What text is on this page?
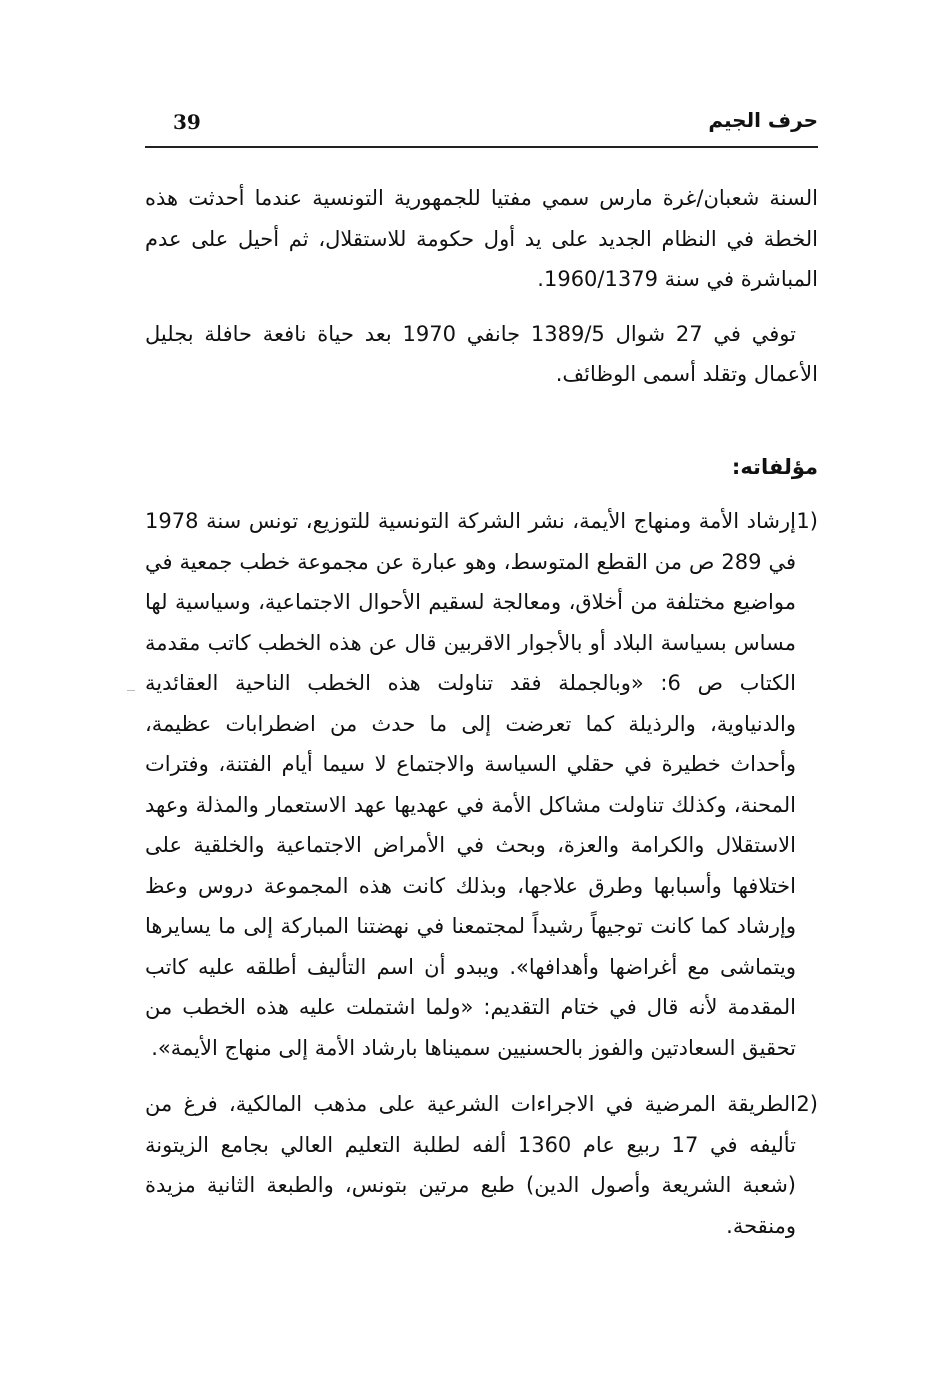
39	حرف الجيم

السنة شعبان/غرة مارس سمي مفتيا للجمهورية التونسية عندما أحدثت هذه الخطة في النظام الجديد على يد أول حكومة للاستقلال، ثم أحيل على عدم المباشرة في سنة 1960/1379.

توفي في 27 شوال 1389/5 جانفي 1970 بعد حياة نافعة حافلة بجليل الأعمال وتقلد أسمى الوظائف.

مؤلفاته:

(1
إرشاد الأمة ومنهاج الأيمة، نشر الشركة التونسية للتوزيع، تونس سنة 1978 في 289 ص من القطع المتوسط، وهو عبارة عن مجموعة خطب جمعية في مواضيع مختلفة من أخلاق، ومعالجة لسقيم الأحوال الاجتماعية، وسياسية لها مساس بسياسة البلاد أو بالأجوار الاقربين قال عن هذه الخطب كاتب مقدمة الكتاب ص 6: «وبالجملة فقد تناولت هذه الخطب الناحية العقائدية والدنياوية، والرذيلة كما تعرضت إلى ما حدث من اضطرابات عظيمة، وأحداث خطيرة في حقلي السياسة والاجتماع لا سيما أيام الفتنة، وفترات المحنة، وكذلك تناولت مشاكل الأمة في عهديها عهد الاستعمار والمذلة وعهد الاستقلال والكرامة والعزة، وبحث في الأمراض الاجتماعية والخلقية على اختلافها وأسبابها وطرق علاجها، وبذلك كانت هذه المجموعة دروس وعظ وإرشاد كما كانت توجيهاً رشيداً لمجتمعنا في نهضتنا المباركة إلى ما يسايرها ويتماشى مع أغراضها وأهدافها». ويبدو أن اسم التأليف أطلقه عليه كاتب المقدمة لأنه قال في ختام التقديم: «ولما اشتملت عليه هذه الخطب من تحقيق السعادتين والفوز بالحسنيين سميناها بارشاد الأمة إلى منهاج الأيمة».
(2
الطريقة المرضية في الاجراءات الشرعية على مذهب المالكية، فرغ من تأليفه في 17 ربيع عام 1360 ألفه لطلبة التعليم العالي بجامع الزيتونة (شعبة الشريعة وأصول الدين) طبع مرتين بتونس، والطبعة الثانية مزيدة ومنقحة.
